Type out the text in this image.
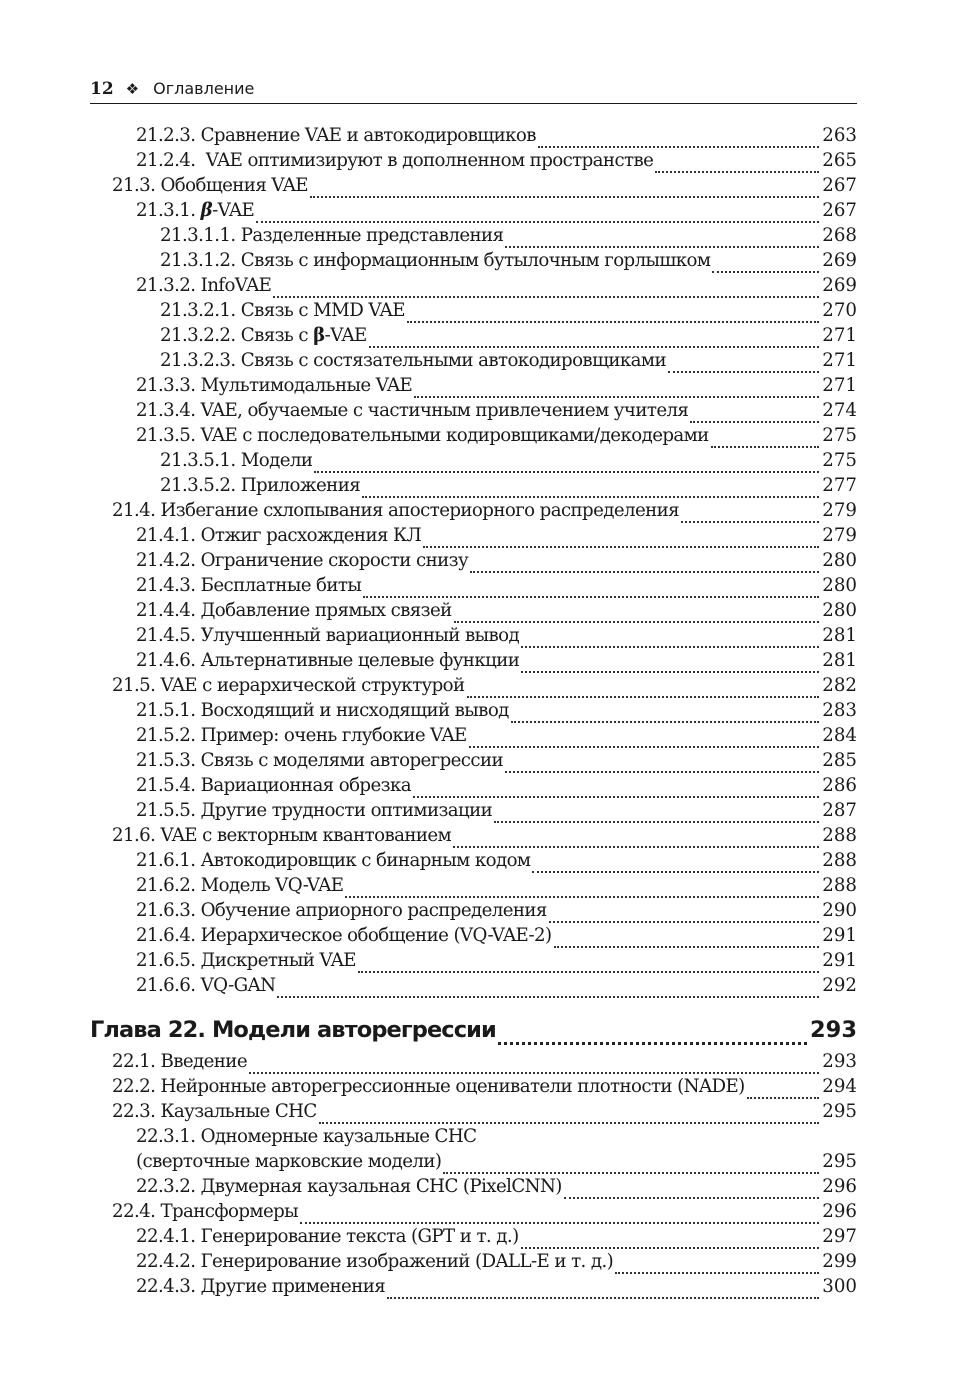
12 ❖ Оглавление
21.2.3. Сравнение VAE и автокодировщиков	263
21.2.4.  VAE оптимизируют в дополненном пространстве	265
21.3. Обобщения VAE	267
21.3.1. β-VAE	267
21.3.1.1. Разделенные представления	268
21.3.1.2. Связь с информационным бутылочным горлышком	269
21.3.2. InfoVAE	269
21.3.2.1. Связь с MMD VAE	270
21.3.2.2. Связь с β-VAE	271
21.3.2.3. Связь с состязательными автокодировщиками	271
21.3.3. Мультимодальные VAE	271
21.3.4. VAE, обучаемые с частичным привлечением учителя	274
21.3.5. VAE с последовательными кодировщиками/декодерами	275
21.3.5.1. Модели	275
21.3.5.2. Приложения	277
21.4. Избегание схлопывания апостериорного распределения	279
21.4.1. Отжиг расхождения КЛ	279
21.4.2. Ограничение скорости снизу	280
21.4.3. Бесплатные биты	280
21.4.4. Добавление прямых связей	280
21.4.5. Улучшенный вариационный вывод	281
21.4.6. Альтернативные целевые функции	281
21.5. VAE с иерархической структурой	282
21.5.1. Восходящий и нисходящий вывод	283
21.5.2. Пример: очень глубокие VAE	284
21.5.3. Связь с моделями авторегрессии	285
21.5.4. Вариационная обрезка	286
21.5.5. Другие трудности оптимизации	287
21.6. VAE с векторным квантованием	288
21.6.1. Автокодировщик с бинарным кодом	288
21.6.2. Модель VQ-VAE	288
21.6.3. Обучение априорного распределения	290
21.6.4. Иерархическое обобщение (VQ-VAE-2)	291
21.6.5. Дискретный VAE	291
21.6.6. VQ-GAN	292
Глава 22. Модели авторегрессии	293
22.1. Введение	293
22.2. Нейронные авторегрессионные оцениватели плотности (NADE)	294
22.3. Каузальные СНС	295
22.3.1. Одномерные каузальные СНС
(сверточные марковские модели)	295
22.3.2. Двумерная каузальная СНС (PixelCNN)	296
22.4. Трансформеры	296
22.4.1. Генерирование текста (GPT и т. д.)	297
22.4.2. Генерирование изображений (DALL-E и т. д.)	299
22.4.3. Другие применения	300
